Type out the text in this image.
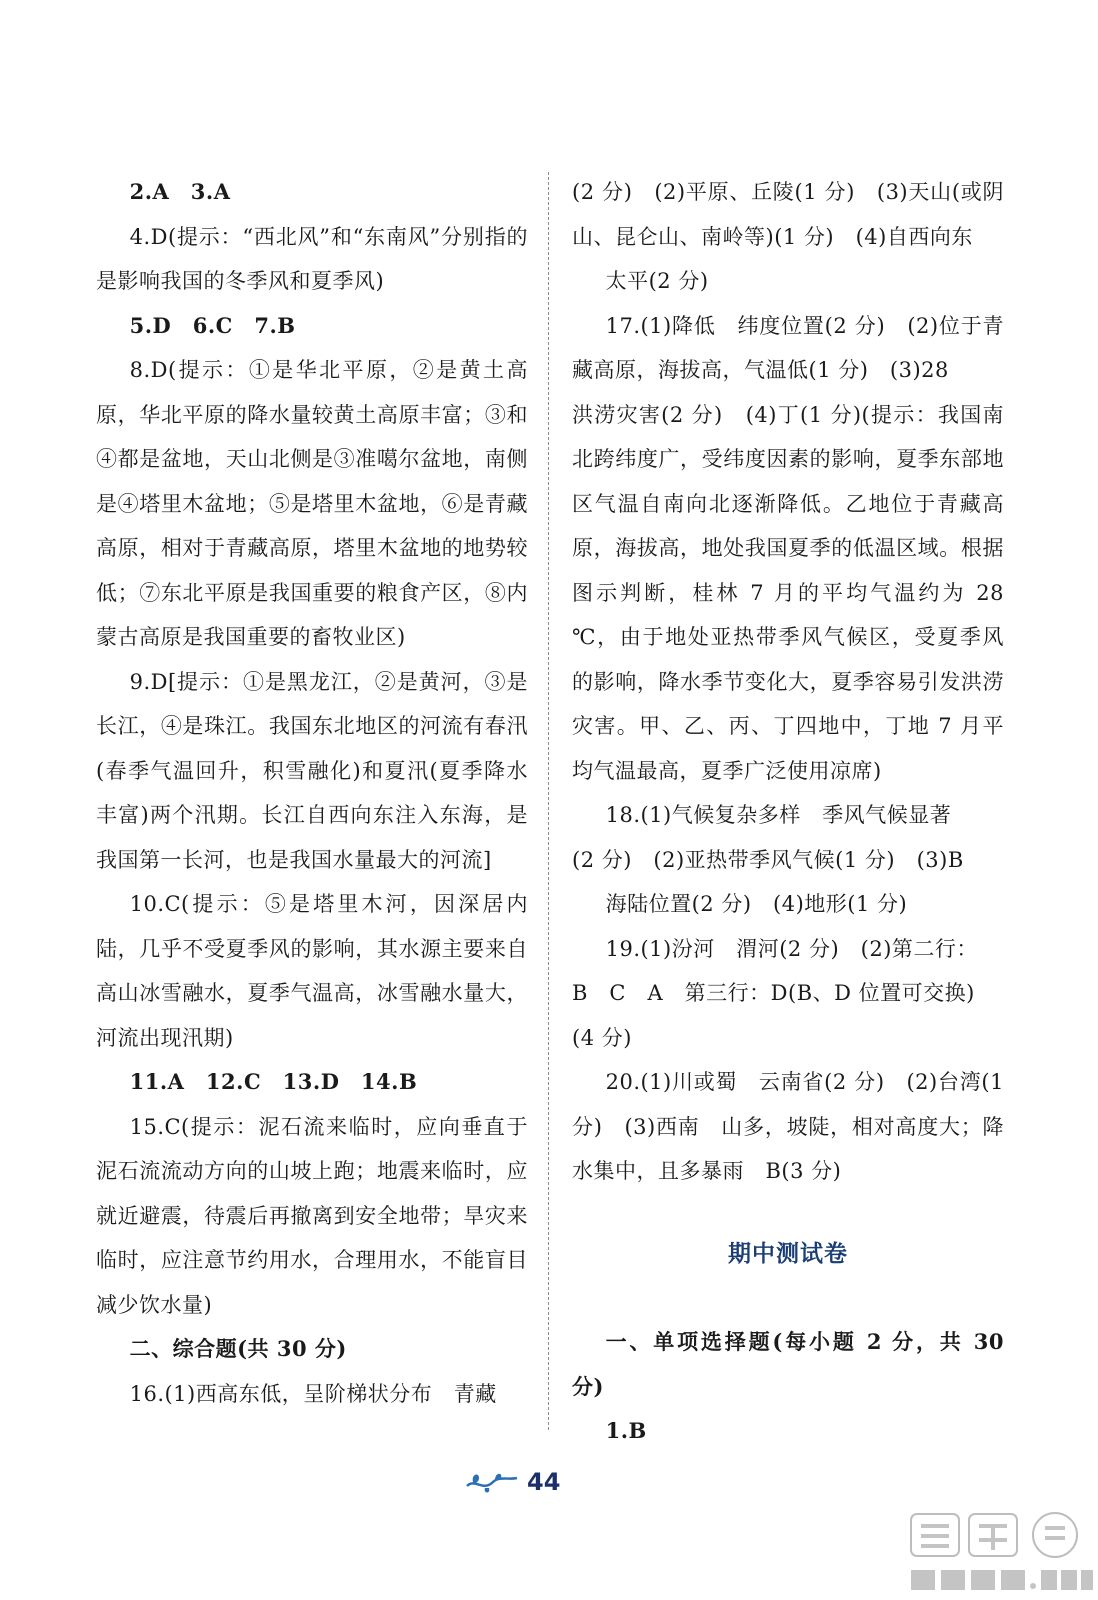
2.A　3.A

4.D(提示：“西北风”和“东南风”分别指的是影响我国的冬季风和夏季风)

5.D　6.C　7.B

8.D(提示：①是华北平原，②是黄土高原，华北平原的降水量较黄土高原丰富；③和④都是盆地，天山北侧是③准噶尔盆地，南侧是④塔里木盆地；⑤是塔里木盆地，⑥是青藏高原，相对于青藏高原，塔里木盆地的地势较低；⑦东北平原是我国重要的粮食产区，⑧内蒙古高原是我国重要的畜牧业区)

9.D[提示：①是黑龙江，②是黄河，③是长江，④是珠江。我国东北地区的河流有春汛(春季气温回升，积雪融化)和夏汛(夏季降水丰富)两个汛期。长江自西向东注入东海，是我国第一长河，也是我国水量最大的河流]

10.C(提示：⑤是塔里木河，因深居内陆，几乎不受夏季风的影响，其水源主要来自高山冰雪融水，夏季气温高，冰雪融水量大，河流出现汛期)

11.A　12.C　13.D　14.B

15.C(提示：泥石流来临时，应向垂直于泥石流流动方向的山坡上跑；地震来临时，应就近避震，待震后再撤离到安全地带；旱灾来临时，应注意节约用水，合理用水，不能盲目减少饮水量)

二、综合题(共 30 分)

16.(1)西高东低，呈阶梯状分布　青藏

(2 分)　(2)平原、丘陵(1 分)　(3)天山(或阴山、昆仑山、南岭等)(1 分)　(4)自西向东

太平(2 分)

17.(1)降低　纬度位置(2 分)　(2)位于青藏高原，海拔高，气温低(1 分)　(3)28

洪涝灾害(2 分)　(4)丁(1 分)(提示：我国南北跨纬度广，受纬度因素的影响，夏季东部地区气温自南向北逐渐降低。乙地位于青藏高原，海拔高，地处我国夏季的低温区域。根据图示判断，桂林 7 月的平均气温约为 28 ℃，由于地处亚热带季风气候区，受夏季风的影响，降水季节变化大，夏季容易引发洪涝灾害。甲、乙、丙、丁四地中，丁地 7 月平均气温最高，夏季广泛使用凉席)

18.(1)气候复杂多样　季风气候显著

(2 分)　(2)亚热带季风气候(1 分)　(3)B

海陆位置(2 分)　(4)地形(1 分)

19.(1)汾河　渭河(2 分)　(2)第二行：

B　C　A　第三行：D(B、D 位置可交换)

(4 分)

20.(1)川或蜀　云南省(2 分)　(2)台湾(1 分)　(3)西南　山多，坡陡，相对高度大；降水集中，且多暴雨　B(3 分)

期中测试卷

一、单项选择题(每小题 2 分，共 30 分)

1.B

44
